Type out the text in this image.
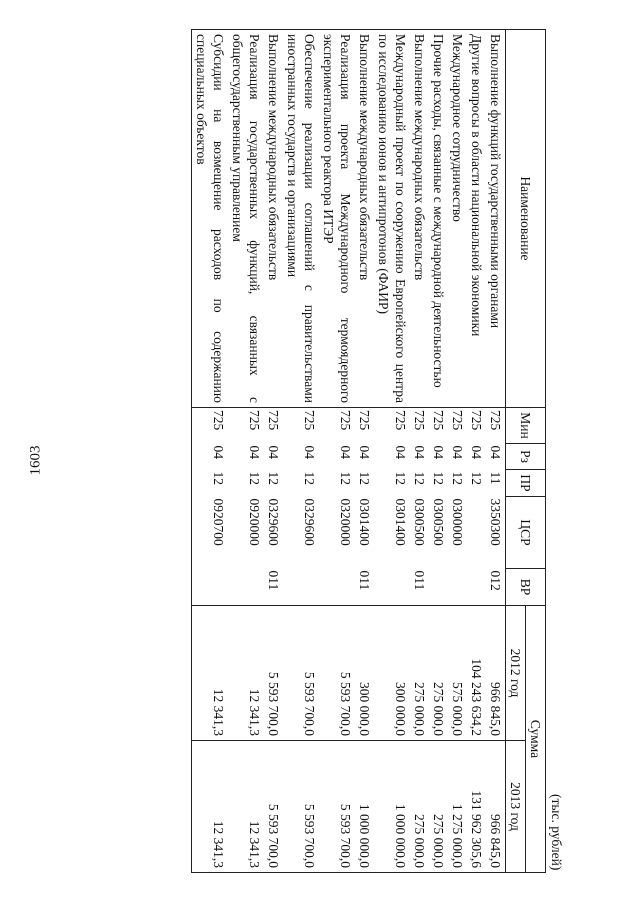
1603
(тыс. рублей)
Наименование	Мин	Рз	ПР	ЦСР	ВР	Сумма	
						2012 год	2013 год
Выполнение функций государственными органами	725	04	11	3350300	012	966 845,0	966 845,0
Другие вопросы в области национальной экономики	725	04	12			104 243 634,2	131 962 305,6
Международное сотрудничество	725	04	12	0300000		575 000,0	1 275 000,0
Прочие расходы, связанные с международной деятельностью	725	04	12	0300500		275 000,0	275 000,0
Выполнение международных обязательств	725	04	12	0300500	011	275 000,0	275 000,0
Международный проект по сооружению Европейского центра по исследованию ионов и антипротонов (ФАИР)	725	04	12	0301400		300 000,0	1 000 000,0
Выполнение международных обязательств	725	04	12	0301400	011	300 000,0	1 000 000,0
Реализация проекта Международного термоядерного экспериментального реактора ИТЭР	725	04	12	0320000		5 593 700,0	5 593 700,0
Обеспечение реализации соглашений с правительствами иностранных государств и организациями	725	04	12	0329600		5 593 700,0	5 593 700,0
Выполнение международных обязательств	725	04	12	0329600	011	5 593 700,0	5 593 700,0
Реализация государственных функций, связанных с общегосударственным управлением	725	04	12	0920000		12 341,3	12 341,3
Субсидии на возмещение расходов по содержанию специальных объектов	725	04	12	0920700		12 341,3	12 341,3
